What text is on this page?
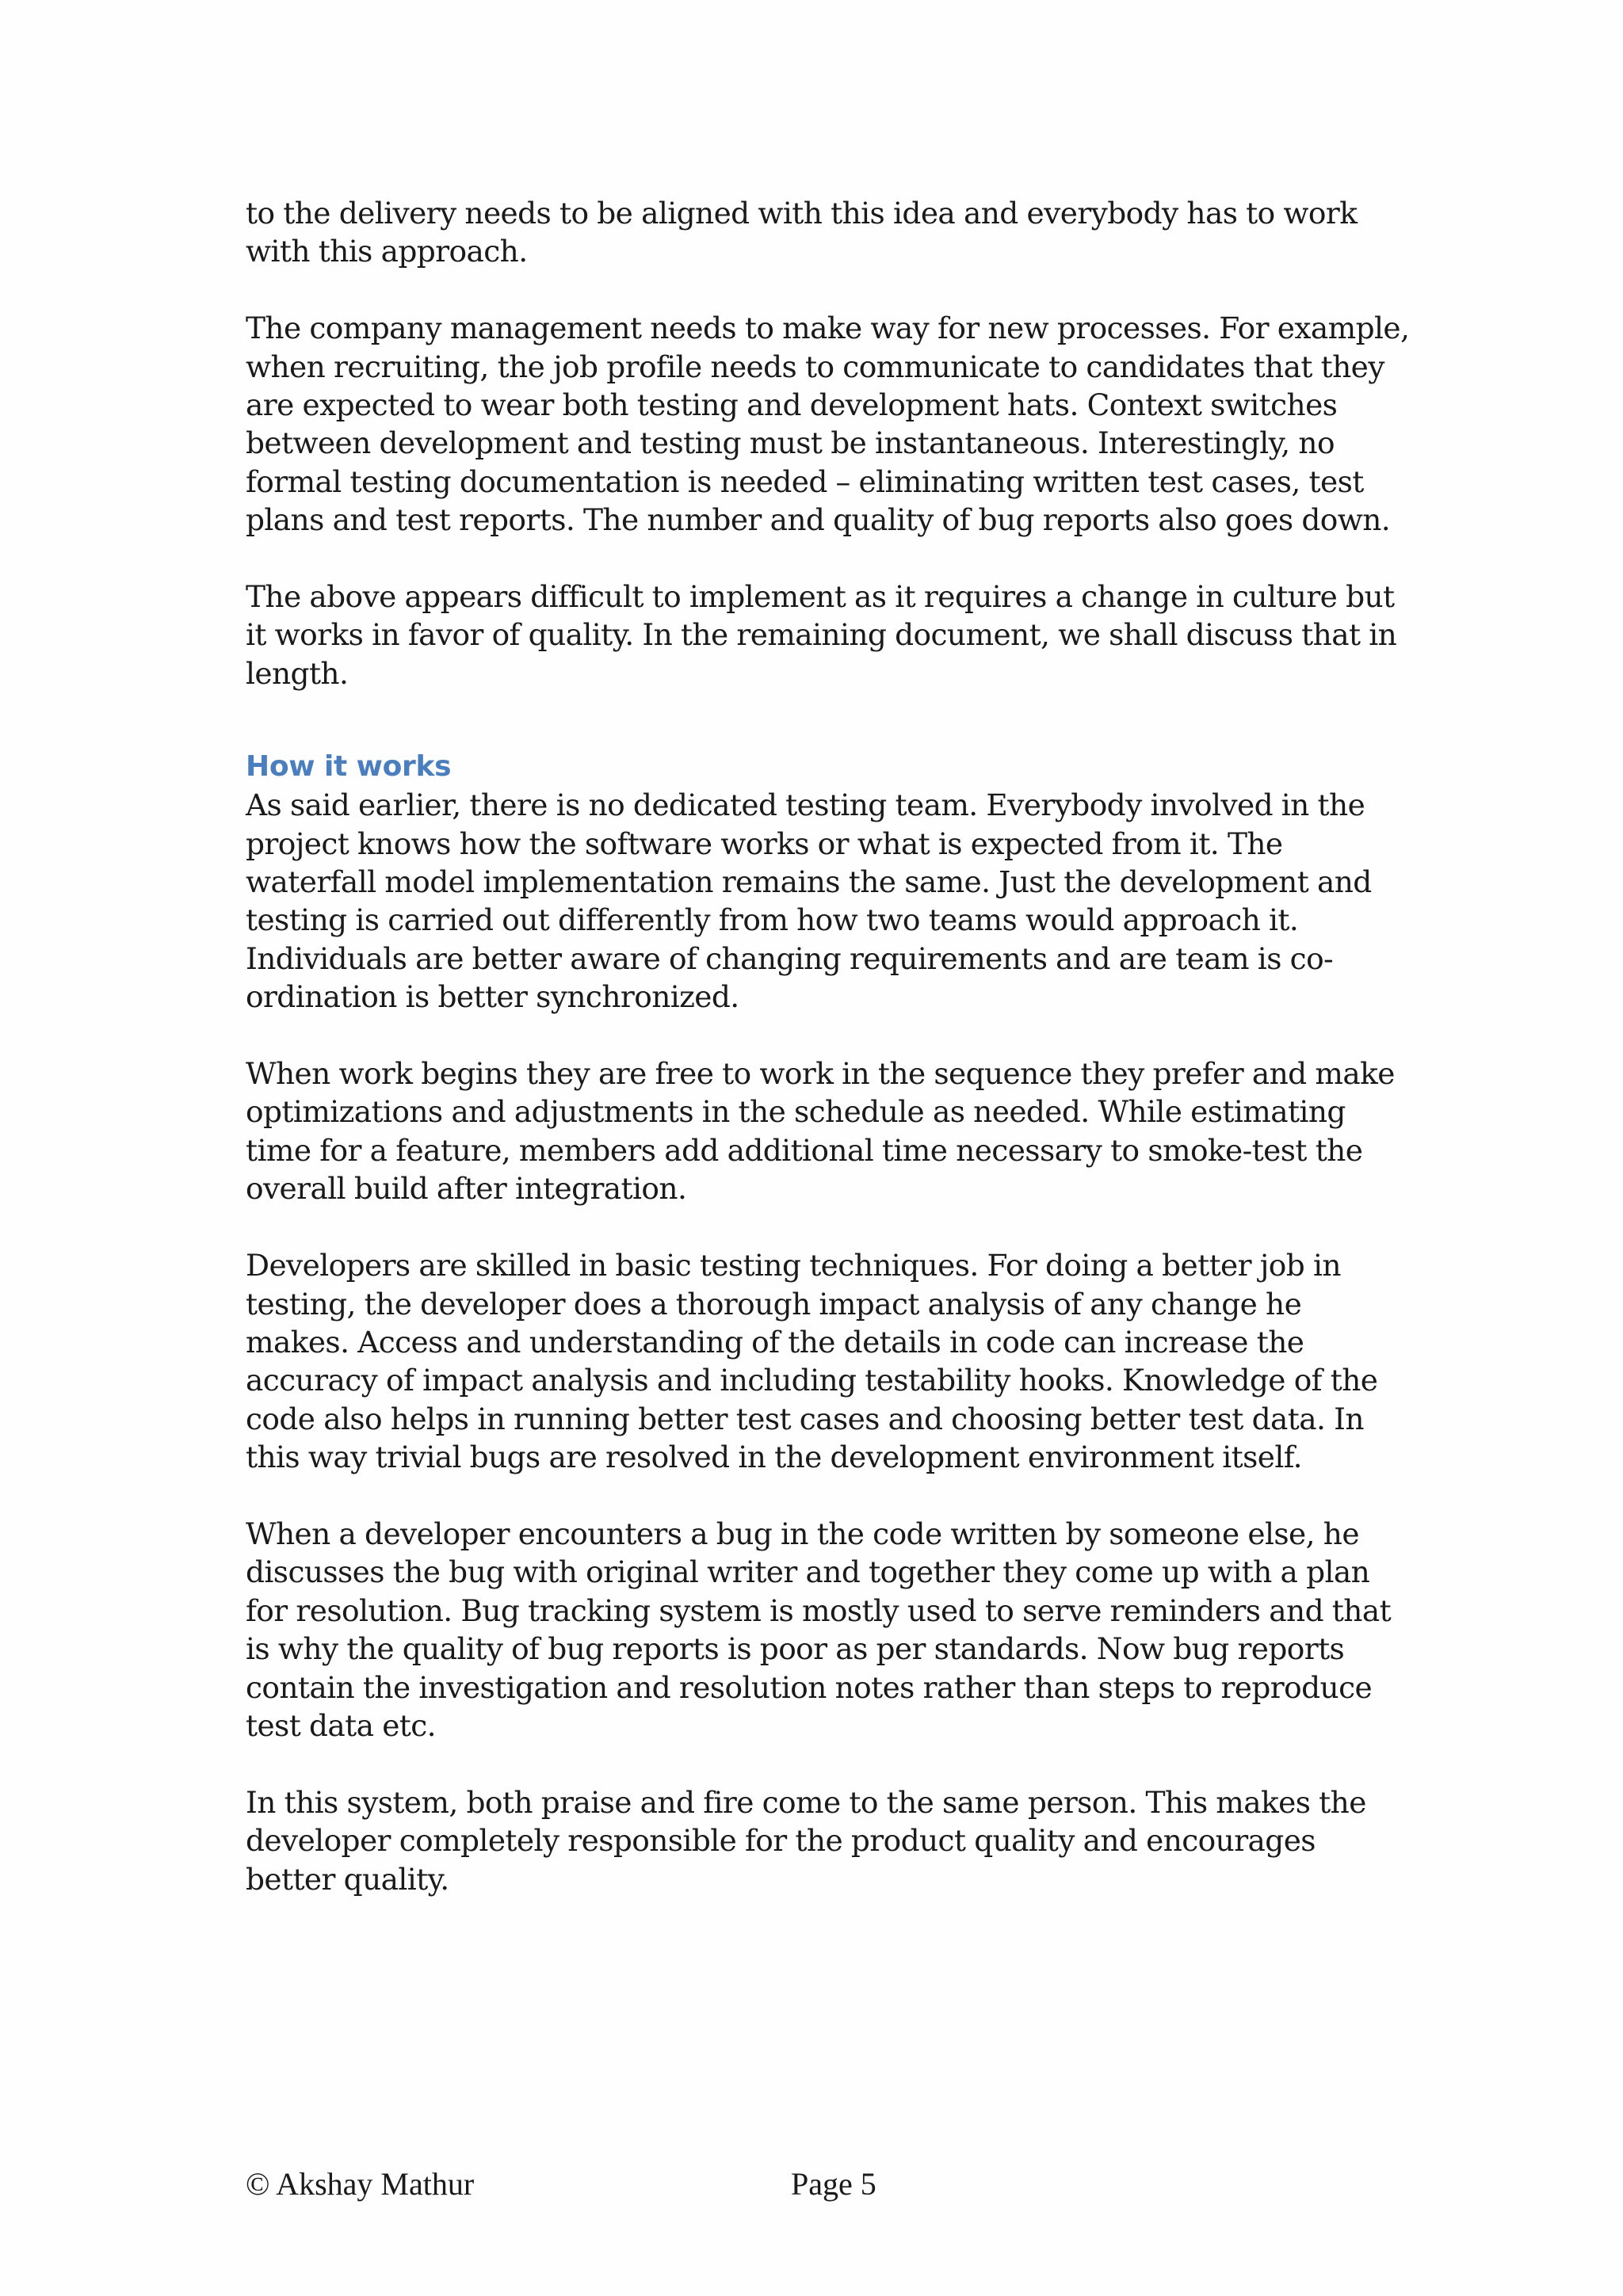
to the delivery needs to be aligned with this idea and everybody has to work with this approach.

The company management needs to make way for new processes. For example, when recruiting, the job profile needs to communicate to candidates that they are expected to wear both testing and development hats. Context switches between development and testing must be instantaneous. Interestingly, no formal testing documentation is needed – eliminating written test cases, test plans and test reports. The number and quality of bug reports also goes down.

The above appears difficult to implement as it requires a change in culture but it works in favor of quality. In the remaining document, we shall discuss that in length.

How it works

As said earlier, there is no dedicated testing team. Everybody involved in the project knows how the software works or what is expected from it. The waterfall model implementation remains the same. Just the development and testing is carried out differently from how two teams would approach it. Individuals are better aware of changing requirements and are team is co-ordination is better synchronized.

When work begins they are free to work in the sequence they prefer and make optimizations and adjustments in the schedule as needed. While estimating time for a feature, members add additional time necessary to smoke-test the overall build after integration.

Developers are skilled in basic testing techniques. For doing a better job in testing, the developer does a thorough impact analysis of any change he makes. Access and understanding of the details in code can increase the accuracy of impact analysis and including testability hooks. Knowledge of the code also helps in running better test cases and choosing better test data. In this way trivial bugs are resolved in the development environment itself.

When a developer encounters a bug in the code written by someone else, he discusses the bug with original writer and together they come up with a plan for resolution. Bug tracking system is mostly used to serve reminders and that is why the quality of bug reports is poor as per standards. Now bug reports contain the investigation and resolution notes rather than steps to reproduce test data etc.

In this system, both praise and fire come to the same person. This makes the developer completely responsible for the product quality and encourages better quality.

© Akshay Mathur	Page 5
